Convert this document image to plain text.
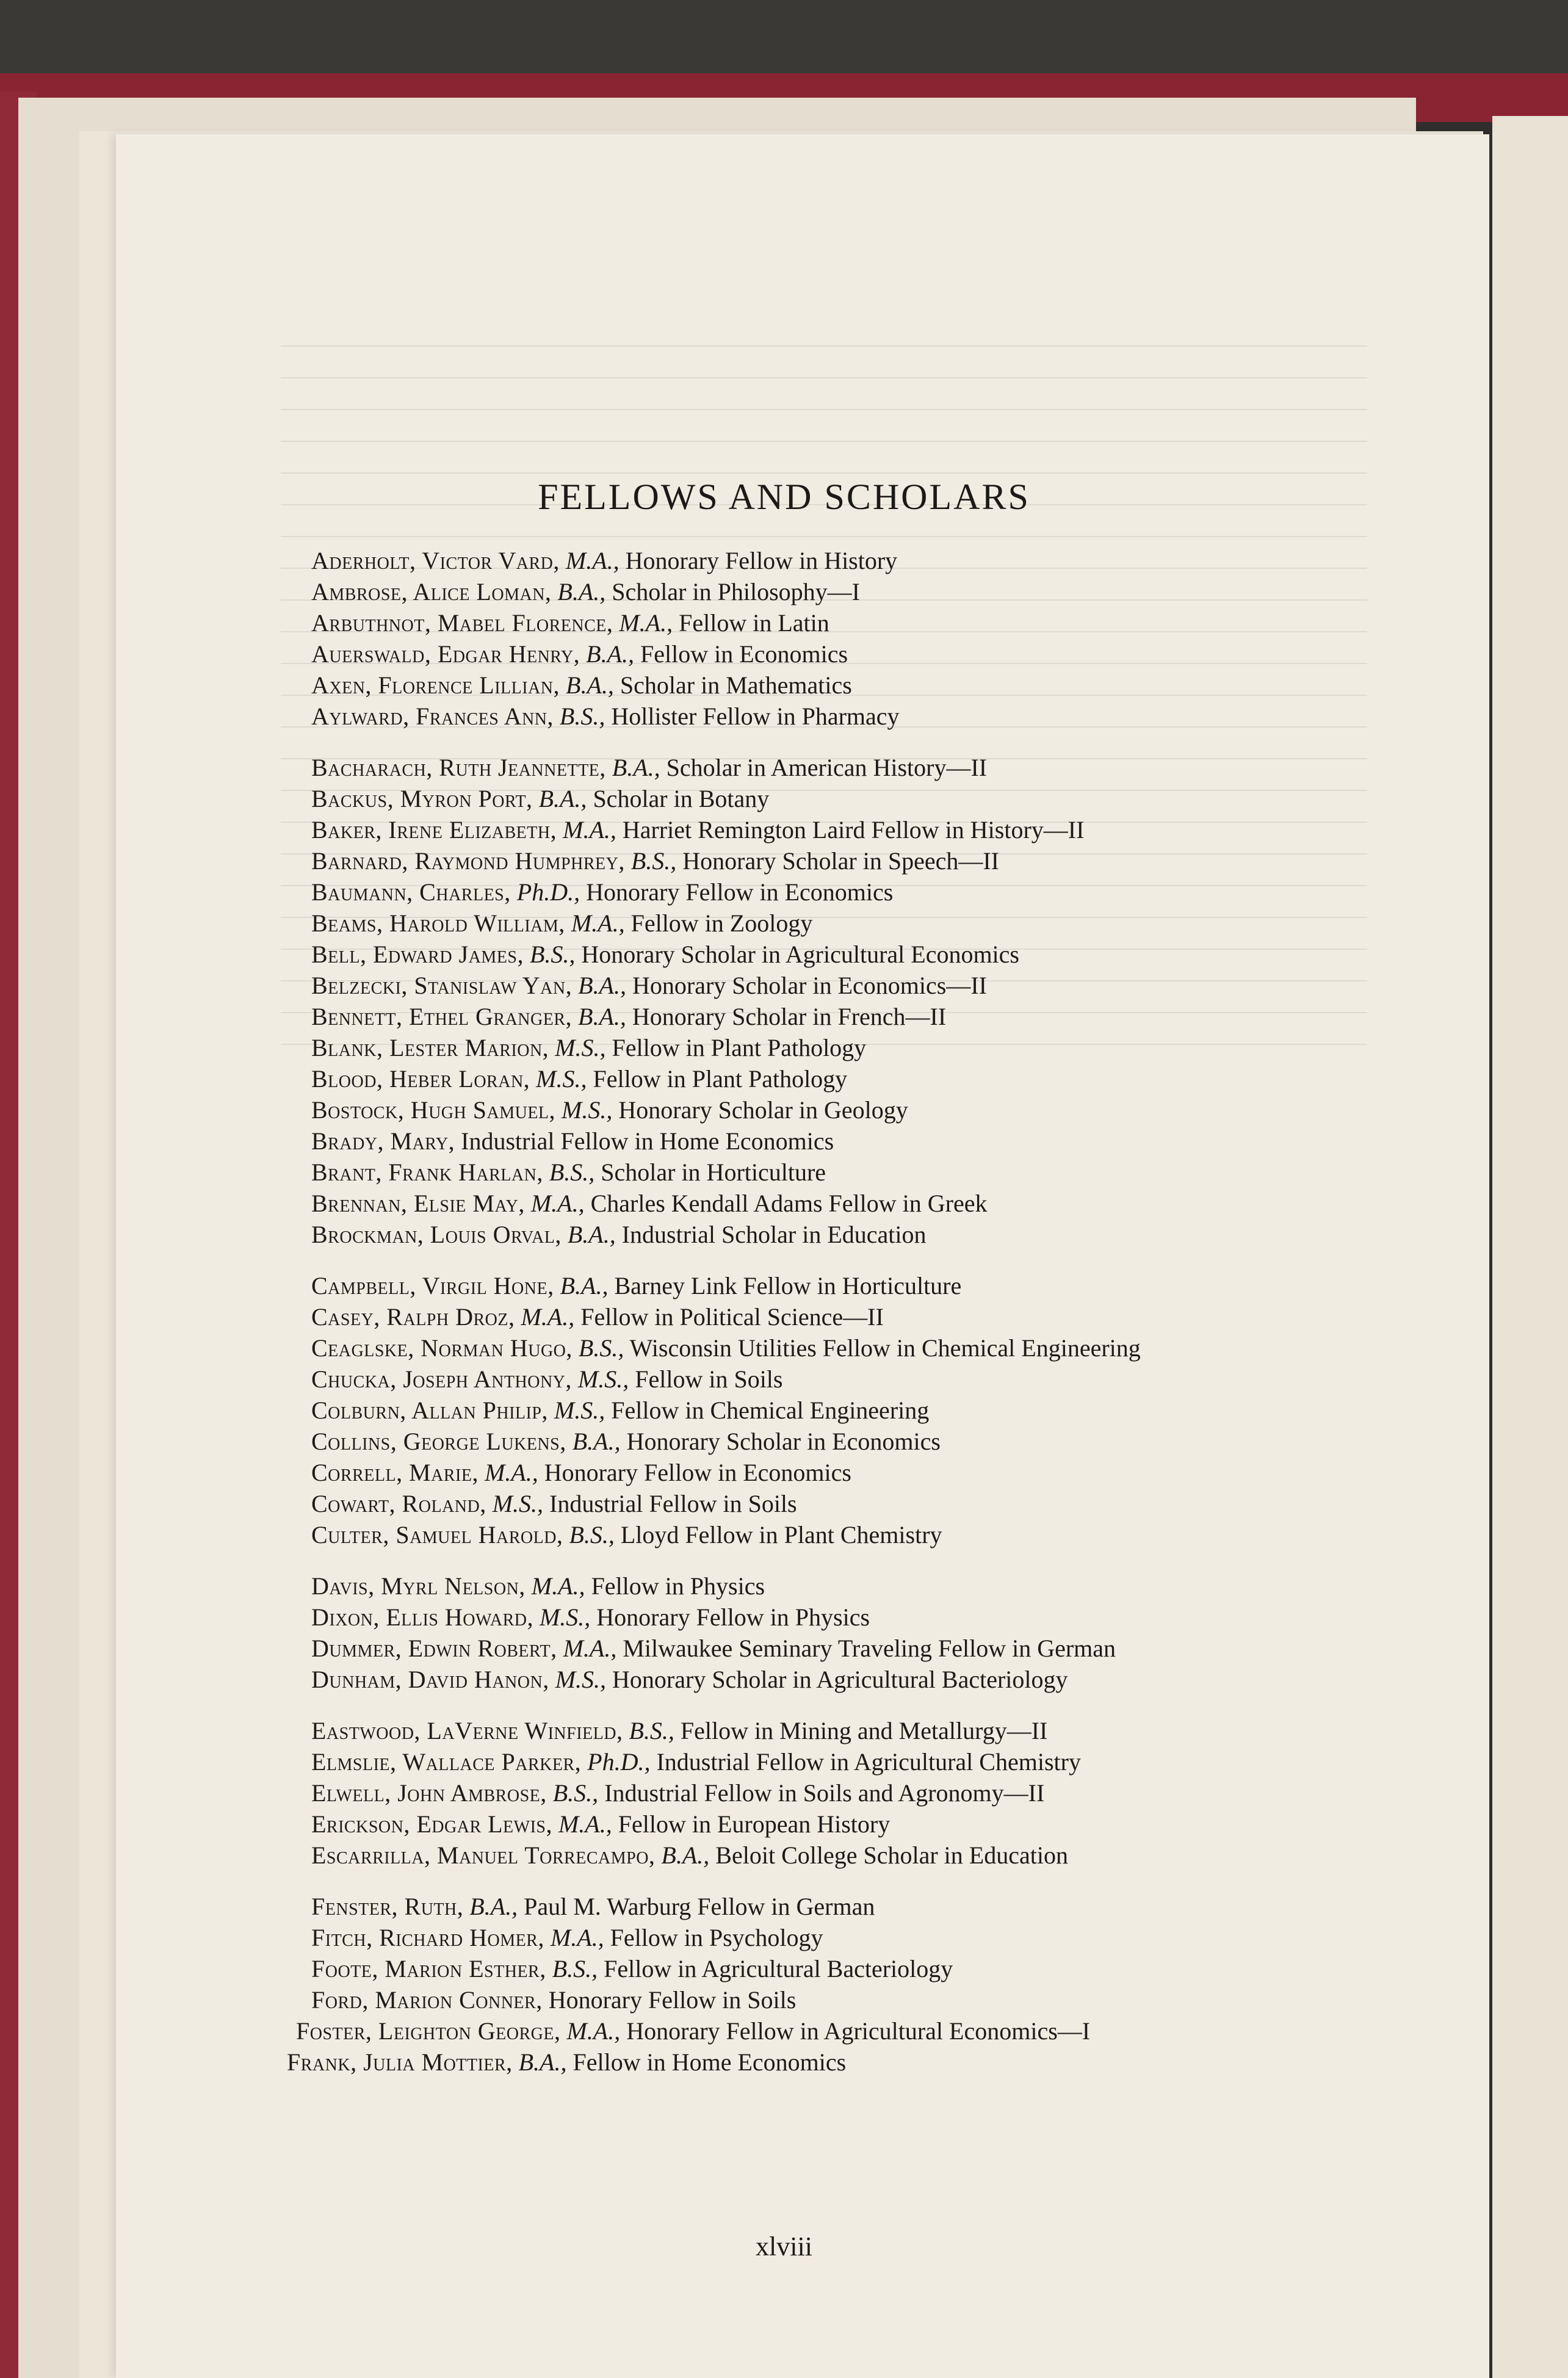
FELLOWS AND SCHOLARS
Aderholt, Victor Vard, M.A., Honorary Fellow in History
Ambrose, Alice Loman, B.A., Scholar in Philosophy—I
Arbuthnot, Mabel Florence, M.A., Fellow in Latin
Auerswald, Edgar Henry, B.A., Fellow in Economics
Axen, Florence Lillian, B.A., Scholar in Mathematics
Aylward, Frances Ann, B.S., Hollister Fellow in Pharmacy
Bacharach, Ruth Jeannette, B.A., Scholar in American History—II
Backus, Myron Port, B.A., Scholar in Botany
Baker, Irene Elizabeth, M.A., Harriet Remington Laird Fellow in History—II
Barnard, Raymond Humphrey, B.S., Honorary Scholar in Speech—II
Baumann, Charles, Ph.D., Honorary Fellow in Economics
Beams, Harold William, M.A., Fellow in Zoology
Bell, Edward James, B.S., Honorary Scholar in Agricultural Economics
Belzecki, Stanislaw Yan, B.A., Honorary Scholar in Economics—II
Bennett, Ethel Granger, B.A., Honorary Scholar in French—II
Blank, Lester Marion, M.S., Fellow in Plant Pathology
Blood, Heber Loran, M.S., Fellow in Plant Pathology
Bostock, Hugh Samuel, M.S., Honorary Scholar in Geology
Brady, Mary, Industrial Fellow in Home Economics
Brant, Frank Harlan, B.S., Scholar in Horticulture
Brennan, Elsie May, M.A., Charles Kendall Adams Fellow in Greek
Brockman, Louis Orval, B.A., Industrial Scholar in Education
Campbell, Virgil Hone, B.A., Barney Link Fellow in Horticulture
Casey, Ralph Droz, M.A., Fellow in Political Science—II
Ceaglske, Norman Hugo, B.S., Wisconsin Utilities Fellow in Chemical Engineering
Chucka, Joseph Anthony, M.S., Fellow in Soils
Colburn, Allan Philip, M.S., Fellow in Chemical Engineering
Collins, George Lukens, B.A., Honorary Scholar in Economics
Correll, Marie, M.A., Honorary Fellow in Economics
Cowart, Roland, M.S., Industrial Fellow in Soils
Culter, Samuel Harold, B.S., Lloyd Fellow in Plant Chemistry
Davis, Myrl Nelson, M.A., Fellow in Physics
Dixon, Ellis Howard, M.S., Honorary Fellow in Physics
Dummer, Edwin Robert, M.A., Milwaukee Seminary Traveling Fellow in German
Dunham, David Hanon, M.S., Honorary Scholar in Agricultural Bacteriology
Eastwood, LaVerne Winfield, B.S., Fellow in Mining and Metallurgy—II
Elmslie, Wallace Parker, Ph.D., Industrial Fellow in Agricultural Chemistry
Elwell, John Ambrose, B.S., Industrial Fellow in Soils and Agronomy—II
Erickson, Edgar Lewis, M.A., Fellow in European History
Escarrilla, Manuel Torrecampo, B.A., Beloit College Scholar in Education
Fenster, Ruth, B.A., Paul M. Warburg Fellow in German
Fitch, Richard Homer, M.A., Fellow in Psychology
Foote, Marion Esther, B.S., Fellow in Agricultural Bacteriology
Ford, Marion Conner, Honorary Fellow in Soils
Foster, Leighton George, M.A., Honorary Fellow in Agricultural Economics—I
Frank, Julia Mottier, B.A., Fellow in Home Economics
xlviii
